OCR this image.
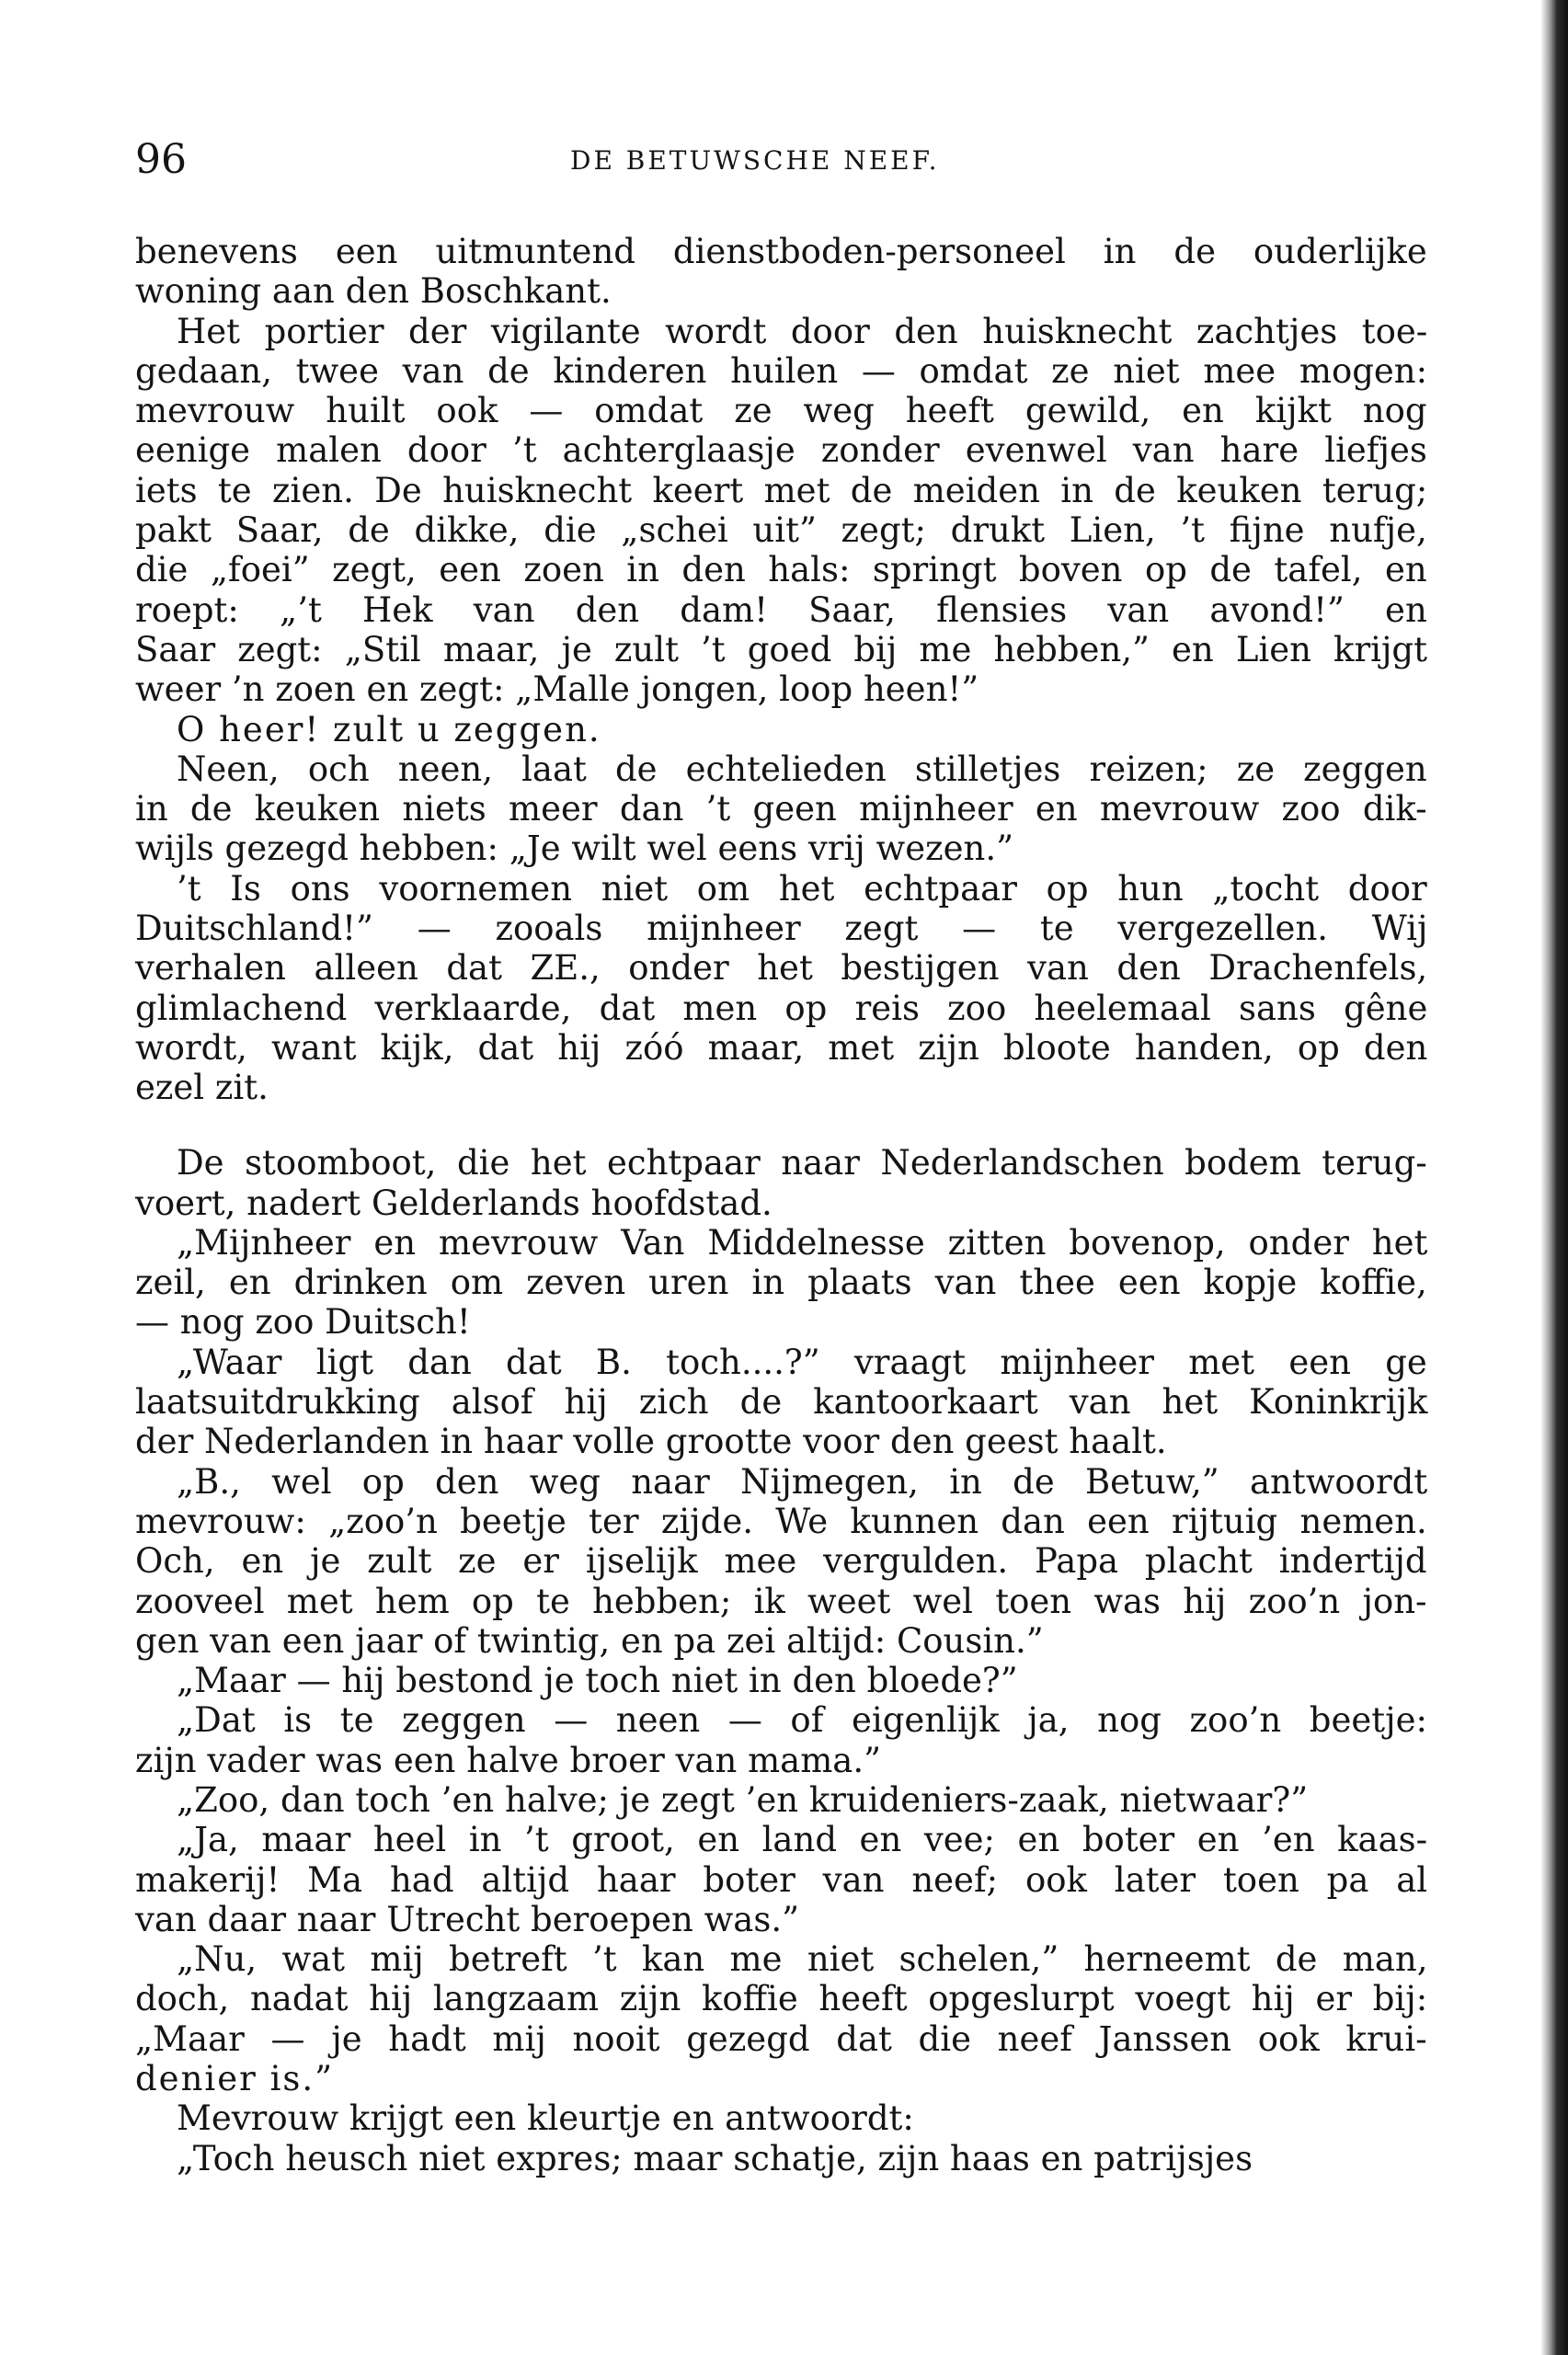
96	DE BETUWSCHE NEEF.
benevens een uitmuntend dienstboden-personeel in de ouderlijke
woning aan den Boschkant.
Het portier der vigilante wordt door den huisknecht zachtjes toe-
gedaan, twee van de kinderen huilen — omdat ze niet mee mogen:
mevrouw huilt ook — omdat ze weg heeft gewild, en kijkt nog
eenige malen door ’t achterglaasje zonder evenwel van hare liefjes
iets te zien. De huisknecht keert met de meiden in de keuken terug;
pakt Saar, de dikke, die „schei uit” zegt; drukt Lien, ’t fijne nufje,
die „foei” zegt, een zoen in den hals: springt boven op de tafel, en
roept: „’t Hek van den dam! Saar, flensies van avond!” en
Saar zegt: „Stil maar, je zult ’t goed bij me hebben,” en Lien krijgt
weer ’n zoen en zegt: „Malle jongen, loop heen!”
O heer! zult u zeggen.
Neen, och neen, laat de echtelieden stilletjes reizen; ze zeggen
in de keuken niets meer dan ’t geen mijnheer en mevrouw zoo dik-
wijls gezegd hebben: „Je wilt wel eens vrij wezen.”
’t Is ons voornemen niet om het echtpaar op hun „tocht door
Duitschland!” — zooals mijnheer zegt — te vergezellen. Wij
verhalen alleen dat ZE., onder het bestijgen van den Drachenfels,
glimlachend verklaarde, dat men op reis zoo heelemaal sans gêne
wordt, want kijk, dat hij zóó maar, met zijn bloote handen, op den
ezel zit.
De stoomboot, die het echtpaar naar Nederlandschen bodem terug-
voert, nadert Gelderlands hoofdstad.
„Mijnheer en mevrouw Van Middelnesse zitten bovenop, onder het
zeil, en drinken om zeven uren in plaats van thee een kopje koffie,
— nog zoo Duitsch!
„Waar ligt dan dat B. toch....?” vraagt mijnheer met een ge
laatsuitdrukking alsof hij zich de kantoorkaart van het Koninkrijk
der Nederlanden in haar volle grootte voor den geest haalt.
„B., wel op den weg naar Nijmegen, in de Betuw,” antwoordt
mevrouw: „zoo’n beetje ter zijde. We kunnen dan een rijtuig nemen.
Och, en je zult ze er ijselijk mee vergulden. Papa placht indertijd
zooveel met hem op te hebben; ik weet wel toen was hij zoo’n jon-
gen van een jaar of twintig, en pa zei altijd: Cousin.”
„Maar — hij bestond je toch niet in den bloede?”
„Dat is te zeggen — neen — of eigenlijk ja, nog zoo’n beetje:
zijn vader was een halve broer van mama.”
„Zoo, dan toch ’en halve; je zegt ’en kruideniers-zaak, nietwaar?”
„Ja, maar heel in ’t groot, en land en vee; en boter en ’en kaas-
makerij! Ma had altijd haar boter van neef; ook later toen pa al
van daar naar Utrecht beroepen was.”
„Nu, wat mij betreft ’t kan me niet schelen,” herneemt de man,
doch, nadat hij langzaam zijn koffie heeft opgeslurpt voegt hij er bij:
„Maar — je hadt mij nooit gezegd dat die neef Janssen ook krui-
denier is.”
Mevrouw krijgt een kleurtje en antwoordt:
„Toch heusch niet expres; maar schatje, zijn haas en patrijsjes
